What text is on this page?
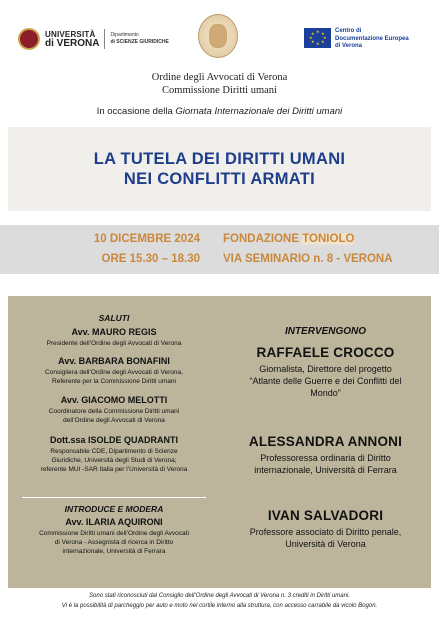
UNIVERSITÀ
di VERONA
Dipartimento
di SCIENZE GIURIDICHE
★ ★
★
★
★
★
★
★	Centro di
Documentazione Europea
di Verona
Ordine degli Avvocati di Verona
Commissione Diritti umani
In occasione della Giornata Internazionale dei Diritti umani
LA TUTELA DEI DIRITTI UMANI
NEI CONFLITTI ARMATI
10 DICEMBRE 2024
ORE 15.30 – 18.30
FONDAZIONE TONIOLO
VIA SEMINARIO n. 8 - VERONA
SALUTI
Avv. MAURO REGIS
Presidente dell’Ordine degli Avvocati di Verona
Avv. BARBARA BONAFINI
Consigliera dell’Ordine degli Avvocati di Verona,
Referente per la Commissione Diritti umani
Avv. GIACOMO MELOTTI
Coordinatore della Commissione Diritti umani
dell’Ordine degli Avvocati di Verona
Dott.ssa ISOLDE QUADRANTI
Responsabile CDE, Dipartimento di Scienze
Giuridiche, Università degli Studi di Verona;
referente MUI -SAR Italia per l’Università di Verona
INTRODUCE E MODERA
Avv. ILARIA AQUIRONI
Commissione Diritti umani dell’Ordine degli Avvocati
di Verona - Assegnista di ricerca in Diritto
internazionale, Università di Ferrara
INTERVENGONO
RAFFAELE CROCCO
Giornalista, Direttore del progetto
“Atlante delle Guerre e dei Conflitti del
Mondo”
ALESSANDRA ANNONI
Professoressa ordinaria di Diritto
internazionale, Università di Ferrara
IVAN SALVADORI
Professore associato di Diritto penale,
Università di Verona
Sono stati riconosciuti dal Consiglio dell’Ordine degli Avvocati di Verona n. 3 crediti in Diritti umani.
Vi è la possibilità di parcheggio per auto e moto nel cortile interno alla struttura, con accesso carrabile da vicolo Bogon.
